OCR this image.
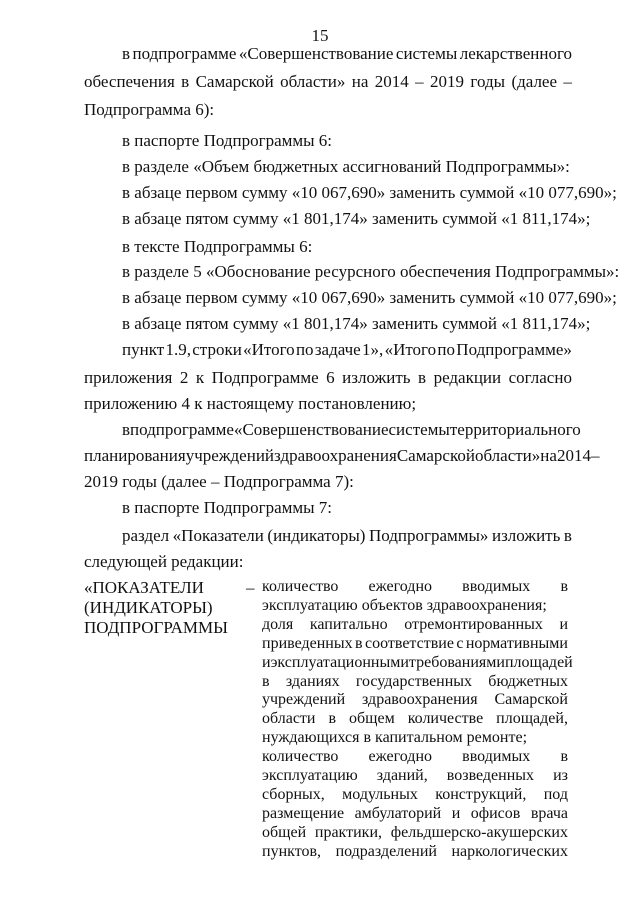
15
в подпрограмме «Совершенствование системы лекарственного
обеспечения в Самарской области» на 2014 – 2019 годы (далее –
Подпрограмма 6):
в паспорте Подпрограммы 6:
в разделе «Объем бюджетных ассигнований Подпрограммы»:
в абзаце первом сумму «10 067,690» заменить суммой «10 077,690»;
в абзаце пятом сумму «1 801,174» заменить суммой «1 811,174»;
в тексте Подпрограммы 6:
в разделе 5 «Обоснование ресурсного обеспечения Подпрограммы»:
в абзаце первом сумму «10 067,690» заменить суммой «10 077,690»;
в абзаце пятом сумму «1 801,174» заменить суммой «1 811,174»;
пункт 1.9, строки «Итого по задаче 1», «Итого по Подпрограмме»
приложения 2 к Подпрограмме 6 изложить в редакции согласно
приложению 4 к настоящему постановлению;
в подпрограмме «Совершенствование системы территориального
планирования учреждений здравоохранения Самарской области» на 2014 –
2019 годы (далее – Подпрограмма 7):
в паспорте Подпрограммы 7:
раздел «Показатели (индикаторы) Подпрограммы» изложить в
следующей редакции:
«ПОКАЗАТЕЛИ
(ИНДИКАТОРЫ)
ПОДПРОГРАММЫ
– количество ежегодно вводимых в
эксплуатацию объектов здравоохранения;
доля капитально отремонтированных и
приведенных в соответствие с нормативными
и эксплуатационными требованиями площадей
в зданиях государственных бюджетных
учреждений здравоохранения Самарской
области в общем количестве площадей,
нуждающихся в капитальном ремонте;
количество ежегодно вводимых в
эксплуатацию зданий, возведенных из
сборных, модульных конструкций, под
размещение амбулаторий и офисов врача
общей практики, фельдшерско-акушерских
пунктов, подразделений наркологических
